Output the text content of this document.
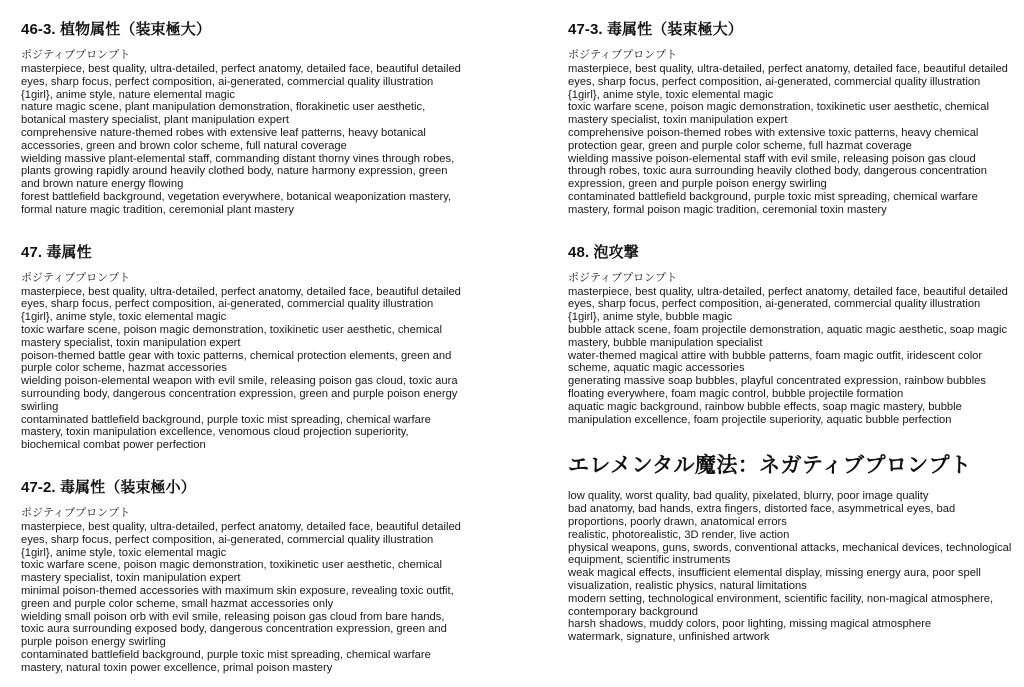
46-3. 植物属性（装束極大）
ポジティブプロンプト

masterpiece, best quality, ultra-detailed, perfect anatomy, detailed face, beautiful detailed eyes, sharp focus, perfect composition, ai-generated, commercial quality illustration

{1girl}, anime style, nature elemental magic

nature magic scene, plant manipulation demonstration, florakinetic user aesthetic, botanical mastery specialist, plant manipulation expert

comprehensive nature-themed robes with extensive leaf patterns, heavy botanical accessories, green and brown color scheme, full natural coverage

wielding massive plant-elemental staff, commanding distant thorny vines through robes, plants growing rapidly around heavily clothed body, nature harmony expression, green and brown nature energy flowing

forest battlefield background, vegetation everywhere, botanical weaponization mastery, formal nature magic tradition, ceremonial plant mastery

47. 毒属性
ポジティブプロンプト

masterpiece, best quality, ultra-detailed, perfect anatomy, detailed face, beautiful detailed eyes, sharp focus, perfect composition, ai-generated, commercial quality illustration

{1girl}, anime style, toxic elemental magic

toxic warfare scene, poison magic demonstration, toxikinetic user aesthetic, chemical mastery specialist, toxin manipulation expert

poison-themed battle gear with toxic patterns, chemical protection elements, green and purple color scheme, hazmat accessories

wielding poison-elemental weapon with evil smile, releasing poison gas cloud, toxic aura surrounding body, dangerous concentration expression, green and purple poison energy swirling

contaminated battlefield background, purple toxic mist spreading, chemical warfare mastery, toxin manipulation excellence, venomous cloud projection superiority, biochemical combat power perfection

47-2. 毒属性（装束極小）
ポジティブプロンプト

masterpiece, best quality, ultra-detailed, perfect anatomy, detailed face, beautiful detailed eyes, sharp focus, perfect composition, ai-generated, commercial quality illustration

{1girl}, anime style, toxic elemental magic

toxic warfare scene, poison magic demonstration, toxikinetic user aesthetic, chemical mastery specialist, toxin manipulation expert

minimal poison-themed accessories with maximum skin exposure, revealing toxic outfit, green and purple color scheme, small hazmat accessories only

wielding small poison orb with evil smile, releasing poison gas cloud from bare hands, toxic aura surrounding exposed body, dangerous concentration expression, green and purple poison energy swirling

contaminated battlefield background, purple toxic mist spreading, chemical warfare mastery, natural toxin power excellence, primal poison mastery

47-3. 毒属性（装束極大）
ポジティブプロンプト

masterpiece, best quality, ultra-detailed, perfect anatomy, detailed face, beautiful detailed eyes, sharp focus, perfect composition, ai-generated, commercial quality illustration

{1girl}, anime style, toxic elemental magic

toxic warfare scene, poison magic demonstration, toxikinetic user aesthetic, chemical mastery specialist, toxin manipulation expert

comprehensive poison-themed robes with extensive toxic patterns, heavy chemical protection gear, green and purple color scheme, full hazmat coverage

wielding massive poison-elemental staff with evil smile, releasing poison gas cloud through robes, toxic aura surrounding heavily clothed body, dangerous concentration expression, green and purple poison energy swirling

contaminated battlefield background, purple toxic mist spreading, chemical warfare mastery, formal poison magic tradition, ceremonial toxin mastery

48. 泡攻撃
ポジティブプロンプト

masterpiece, best quality, ultra-detailed, perfect anatomy, detailed face, beautiful detailed eyes, sharp focus, perfect composition, ai-generated, commercial quality illustration

{1girl}, anime style, bubble magic

bubble attack scene, foam projectile demonstration, aquatic magic aesthetic, soap magic mastery, bubble manipulation specialist

water-themed magical attire with bubble patterns, foam magic outfit, iridescent color scheme, aquatic magic accessories

generating massive soap bubbles, playful concentrated expression, rainbow bubbles floating everywhere, foam magic control, bubble projectile formation

aquatic magic background, rainbow bubble effects, soap magic mastery, bubble manipulation excellence, foam projectile superiority, aquatic bubble perfection

エレメンタル魔法：ネガティブプロンプト

low quality, worst quality, bad quality, pixelated, blurry, poor image quality

bad anatomy, bad hands, extra fingers, distorted face, asymmetrical eyes, bad proportions, poorly drawn, anatomical errors

realistic, photorealistic, 3D render, live action

physical weapons, guns, swords, conventional attacks, mechanical devices, technological equipment, scientific instruments

weak magical effects, insufficient elemental display, missing energy aura, poor spell visualization, realistic physics, natural limitations

modern setting, technological environment, scientific facility, non-magical atmosphere, contemporary background

harsh shadows, muddy colors, poor lighting, missing magical atmosphere

watermark, signature, unfinished artwork
